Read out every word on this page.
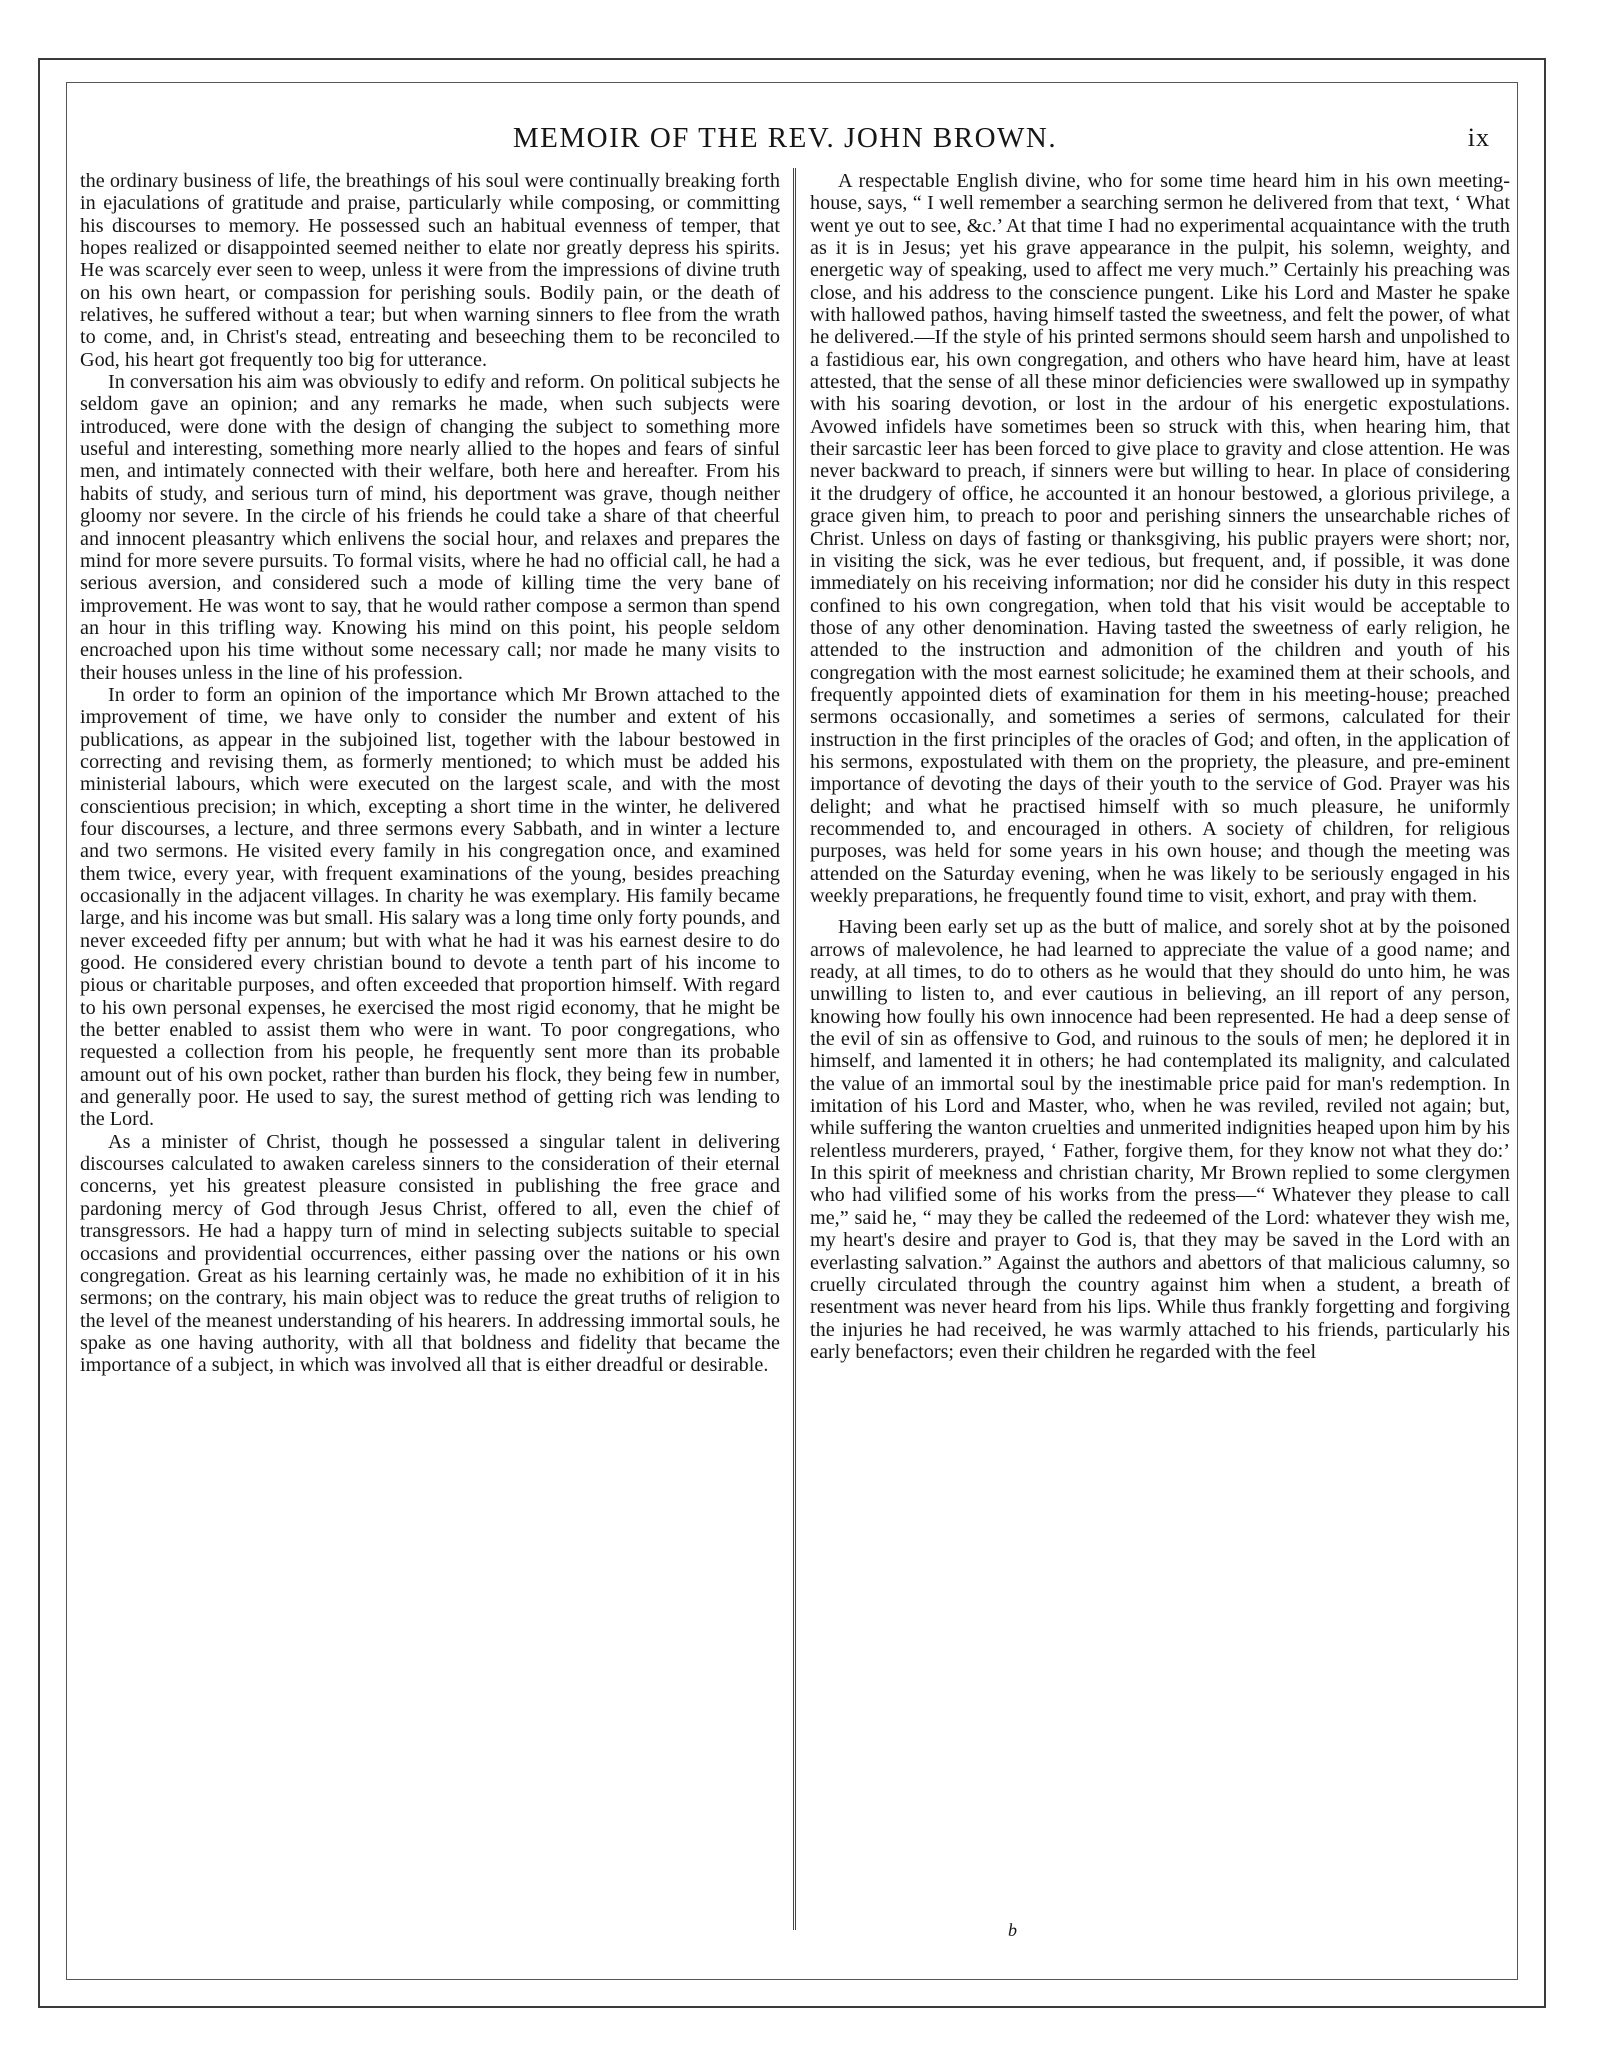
MEMOIR OF THE REV. JOHN BROWN.	ix

the ordinary business of life, the breathings of his soul were continually breaking forth in ejaculations of gratitude and praise, particularly while composing, or committing his discourses to memory. He possessed such an habitual evenness of temper, that hopes realized or disappointed seemed neither to elate nor greatly depress his spirits. He was scarcely ever seen to weep, unless it were from the impressions of divine truth on his own heart, or compassion for perishing souls. Bodily pain, or the death of relatives, he suffered without a tear; but when warning sinners to flee from the wrath to come, and, in Christ's stead, entreating and beseeching them to be reconciled to God, his heart got frequently too big for utterance.

In conversation his aim was obviously to edify and reform. On political subjects he seldom gave an opinion; and any remarks he made, when such subjects were introduced, were done with the design of changing the subject to something more useful and interesting, something more nearly allied to the hopes and fears of sinful men, and intimately connected with their welfare, both here and hereafter. From his habits of study, and serious turn of mind, his deportment was grave, though neither gloomy nor severe. In the circle of his friends he could take a share of that cheerful and innocent pleasantry which enlivens the social hour, and relaxes and prepares the mind for more severe pursuits. To formal visits, where he had no official call, he had a serious aversion, and considered such a mode of killing time the very bane of improvement. He was wont to say, that he would rather compose a sermon than spend an hour in this trifling way. Knowing his mind on this point, his people seldom encroached upon his time without some necessary call; nor made he many visits to their houses unless in the line of his profession.

In order to form an opinion of the importance which Mr Brown attached to the improvement of time, we have only to consider the number and extent of his publications, as appear in the subjoined list, together with the labour bestowed in correcting and revising them, as formerly mentioned; to which must be added his ministerial labours, which were executed on the largest scale, and with the most conscientious precision; in which, excepting a short time in the winter, he delivered four discourses, a lecture, and three sermons every Sabbath, and in winter a lecture and two sermons. He visited every family in his congregation once, and examined them twice, every year, with frequent examinations of the young, besides preaching occasionally in the adjacent villages. In charity he was exemplary. His family became large, and his income was but small. His salary was a long time only forty pounds, and never exceeded fifty per annum; but with what he had it was his earnest desire to do good. He considered every christian bound to devote a tenth part of his income to pious or charitable purposes, and often exceeded that proportion himself. With regard to his own personal expenses, he exercised the most rigid economy, that he might be the better enabled to assist them who were in want. To poor congregations, who requested a collection from his people, he frequently sent more than its probable amount out of his own pocket, rather than burden his flock, they being few in number, and generally poor. He used to say, the surest method of getting rich was lending to the Lord.

As a minister of Christ, though he possessed a singular talent in delivering discourses calculated to awaken careless sinners to the consideration of their eternal concerns, yet his greatest pleasure consisted in publishing the free grace and pardoning mercy of God through Jesus Christ, offered to all, even the chief of transgressors. He had a happy turn of mind in selecting subjects suitable to special occasions and providential occurrences, either passing over the nations or his own congregation. Great as his learning certainly was, he made no exhibition of it in his sermons; on the contrary, his main object was to reduce the great truths of religion to the level of the meanest understanding of his hearers. In addressing immortal souls, he spake as one having authority, with all that boldness and fidelity that became the importance of a subject, in which was involved all that is either dreadful or desirable.

A respectable English divine, who for some time heard him in his own meeting-house, says, “ I well remember a searching sermon he delivered from that text, ‘ What went ye out to see, &c.’ At that time I had no experimental acquaintance with the truth as it is in Jesus; yet his grave appearance in the pulpit, his solemn, weighty, and energetic way of speaking, used to affect me very much.” Certainly his preaching was close, and his address to the conscience pungent. Like his Lord and Master he spake with hallowed pathos, having himself tasted the sweetness, and felt the power, of what he delivered.—If the style of his printed sermons should seem harsh and unpolished to a fastidious ear, his own congregation, and others who have heard him, have at least attested, that the sense of all these minor deficiencies were swallowed up in sympathy with his soaring devotion, or lost in the ardour of his energetic expostulations. Avowed infidels have sometimes been so struck with this, when hearing him, that their sarcastic leer has been forced to give place to gravity and close attention. He was never backward to preach, if sinners were but willing to hear. In place of considering it the drudgery of office, he accounted it an honour bestowed, a glorious privilege, a grace given him, to preach to poor and perishing sinners the unsearchable riches of Christ. Unless on days of fasting or thanksgiving, his public prayers were short; nor, in visiting the sick, was he ever tedious, but frequent, and, if possible, it was done immediately on his receiving information; nor did he consider his duty in this respect confined to his own congregation, when told that his visit would be acceptable to those of any other denomination. Having tasted the sweetness of early religion, he attended to the instruction and admonition of the children and youth of his congregation with the most earnest solicitude; he examined them at their schools, and frequently appointed diets of examination for them in his meeting-house; preached sermons occasionally, and sometimes a series of sermons, calculated for their instruction in the first principles of the oracles of God; and often, in the application of his sermons, expostulated with them on the propriety, the pleasure, and pre-eminent importance of devoting the days of their youth to the service of God. Prayer was his delight; and what he practised himself with so much pleasure, he uniformly recommended to, and encouraged in others. A society of children, for religious purposes, was held for some years in his own house; and though the meeting was attended on the Saturday evening, when he was likely to be seriously engaged in his weekly preparations, he frequently found time to visit, exhort, and pray with them.

Having been early set up as the butt of malice, and sorely shot at by the poisoned arrows of malevolence, he had learned to appreciate the value of a good name; and ready, at all times, to do to others as he would that they should do unto him, he was unwilling to listen to, and ever cautious in believing, an ill report of any person, knowing how foully his own innocence had been represented. He had a deep sense of the evil of sin as offensive to God, and ruinous to the souls of men; he deplored it in himself, and lamented it in others; he had contemplated its malignity, and calculated the value of an immortal soul by the inestimable price paid for man's redemption. In imitation of his Lord and Master, who, when he was reviled, reviled not again; but, while suffering the wanton cruelties and unmerited indignities heaped upon him by his relentless murderers, prayed, ‘ Father, forgive them, for they know not what they do:’ In this spirit of meekness and christian charity, Mr Brown replied to some clergymen who had vilified some of his works from the press—“ Whatever they please to call me,” said he, “ may they be called the redeemed of the Lord: whatever they wish me, my heart's desire and prayer to God is, that they may be saved in the Lord with an everlasting salvation.” Against the authors and abettors of that malicious calumny, so cruelly circulated through the country against him when a student, a breath of resentment was never heard from his lips. While thus frankly forgetting and forgiving the injuries he had received, he was warmly attached to his friends, particularly his early benefactors; even their children he regarded with the feel

b
